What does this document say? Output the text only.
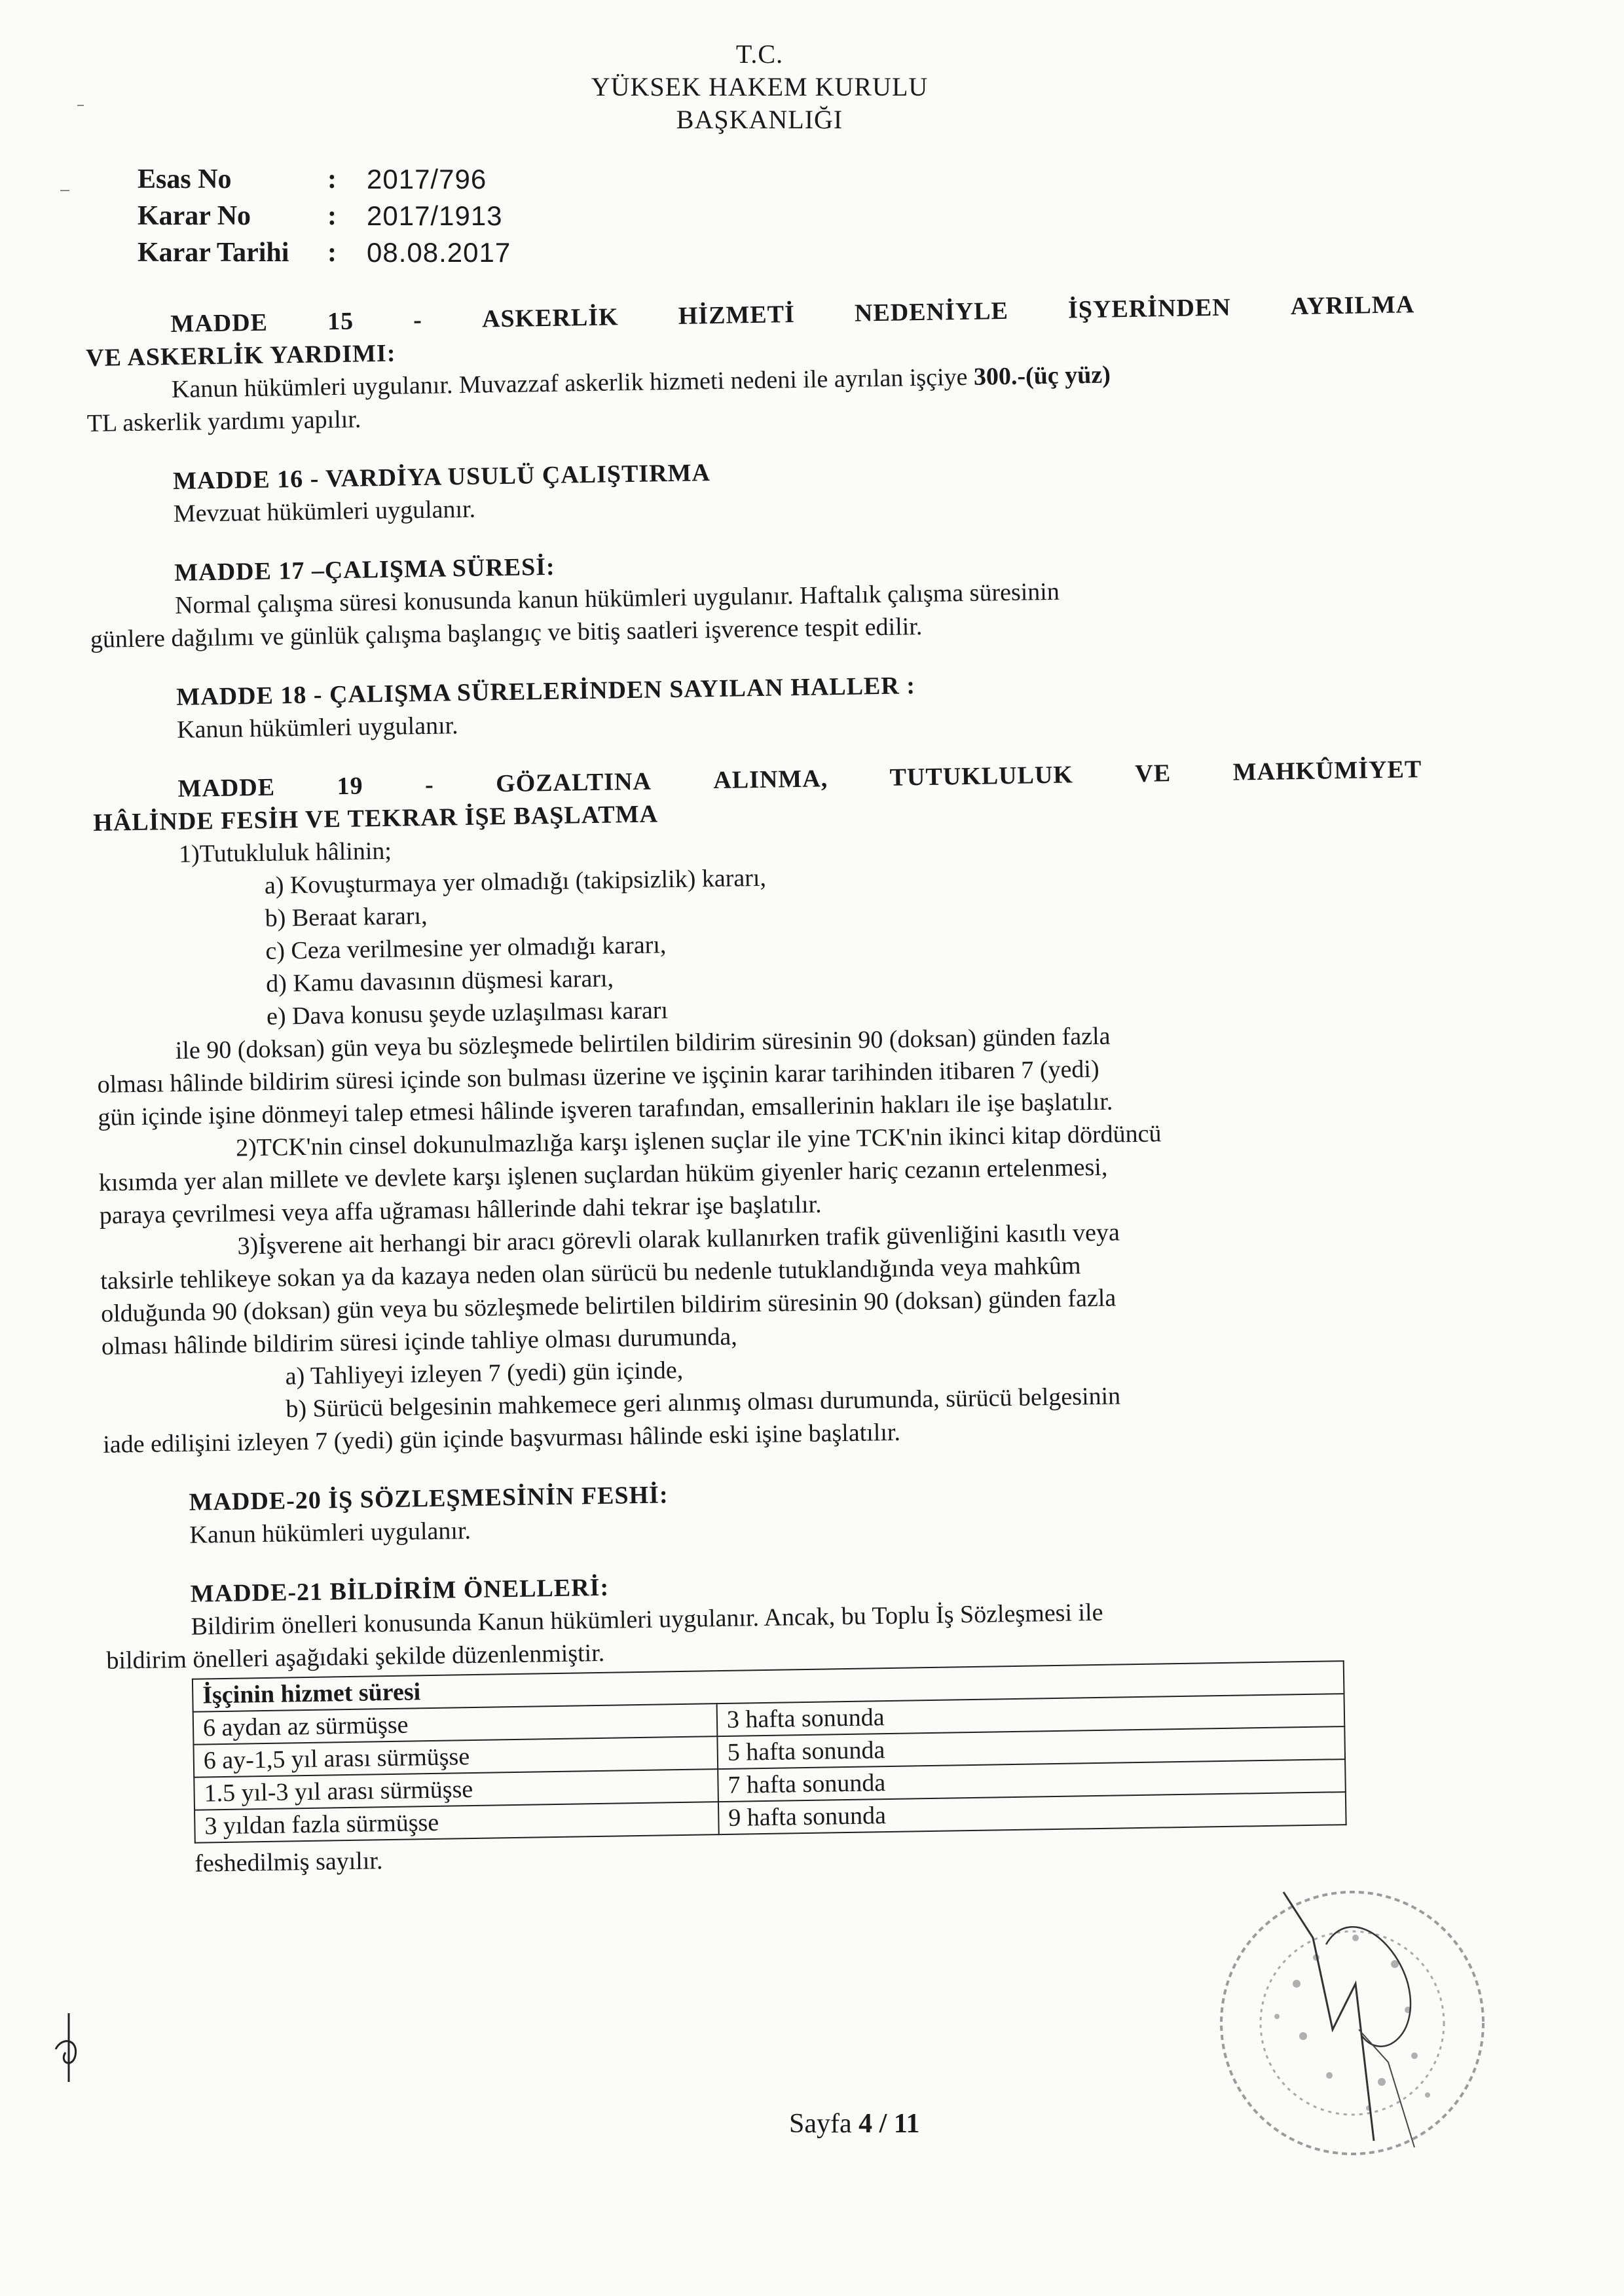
T.C.
YÜKSEK HAKEM KURULU
BAŞKANLIĞI
Esas No	:	2017/796
Karar No	:	2017/1913
Karar Tarihi	:	08.08.2017
MADDE 15 - ASKERLİK HİZMETİ NEDENİYLE İŞYERİNDEN AYRILMA
VE ASKERLİK YARDIMI:

Kanun hükümleri uygulanır. Muvazzaf askerlik hizmeti nedeni ile ayrılan işçiye 300.-(üç yüz)

TL askerlik yardımı yapılır.

MADDE 16 - VARDİYA USULÜ ÇALIŞTIRMA

Mevzuat hükümleri uygulanır.

MADDE 17 –ÇALIŞMA SÜRESİ:

Normal çalışma süresi konusunda kanun hükümleri uygulanır. Haftalık çalışma süresinin

günlere dağılımı ve günlük çalışma başlangıç ve bitiş saatleri işverence tespit edilir.

MADDE 18 - ÇALIŞMA SÜRELERİNDEN SAYILAN HALLER :

Kanun hükümleri uygulanır.

MADDE 19 - GÖZALTINA ALINMA, TUTUKLULUK VE MAHKÛMİYET
HÂLİNDE FESİH VE TEKRAR İŞE BAŞLATMA

1)Tutukluluk hâlinin;

a) Kovuşturmaya yer olmadığı (takipsizlik) kararı,

b) Beraat kararı,

c) Ceza verilmesine yer olmadığı kararı,

d) Kamu davasının düşmesi kararı,

e) Dava konusu şeyde uzlaşılması kararı

ile 90 (doksan) gün veya bu sözleşmede belirtilen bildirim süresinin 90 (doksan) günden fazla

olması hâlinde bildirim süresi içinde son bulması üzerine ve işçinin karar tarihinden itibaren 7 (yedi)

gün içinde işine dönmeyi talep etmesi hâlinde işveren tarafından, emsallerinin hakları ile işe başlatılır.

2)TCK'nin cinsel dokunulmazlığa karşı işlenen suçlar ile yine TCK'nin ikinci kitap dördüncü

kısımda yer alan millete ve devlete karşı işlenen suçlardan hüküm giyenler hariç cezanın ertelenmesi,

paraya çevrilmesi veya affa uğraması hâllerinde dahi tekrar işe başlatılır.

3)İşverene ait herhangi bir aracı görevli olarak kullanırken trafik güvenliğini kasıtlı veya

taksirle tehlikeye sokan ya da kazaya neden olan sürücü bu nedenle tutuklandığında veya mahkûm

olduğunda 90 (doksan) gün veya bu sözleşmede belirtilen bildirim süresinin 90 (doksan) günden fazla

olması hâlinde bildirim süresi içinde tahliye olması durumunda,

a) Tahliyeyi izleyen 7 (yedi) gün içinde,

b) Sürücü belgesinin mahkemece geri alınmış olması durumunda, sürücü belgesinin

iade edilişini izleyen 7 (yedi) gün içinde başvurması hâlinde eski işine başlatılır.

MADDE-20 İŞ SÖZLEŞMESİNİN FESHİ:

Kanun hükümleri uygulanır.

MADDE-21 BİLDİRİM ÖNELLERİ:

Bildirim önelleri konusunda Kanun hükümleri uygulanır. Ancak, bu Toplu İş Sözleşmesi ile

bildirim önelleri aşağıdaki şekilde düzenlenmiştir.

İşçinin hizmet süresi	
6 aydan az sürmüşse	3 hafta sonunda
6 ay-1,5 yıl arası sürmüşse	5 hafta sonunda
1.5 yıl-3 yıl arası sürmüşse	7 hafta sonunda
3 yıldan fazla sürmüşse	9 hafta sonunda

feshedilmiş sayılır.

Sayfa 4 / 11
